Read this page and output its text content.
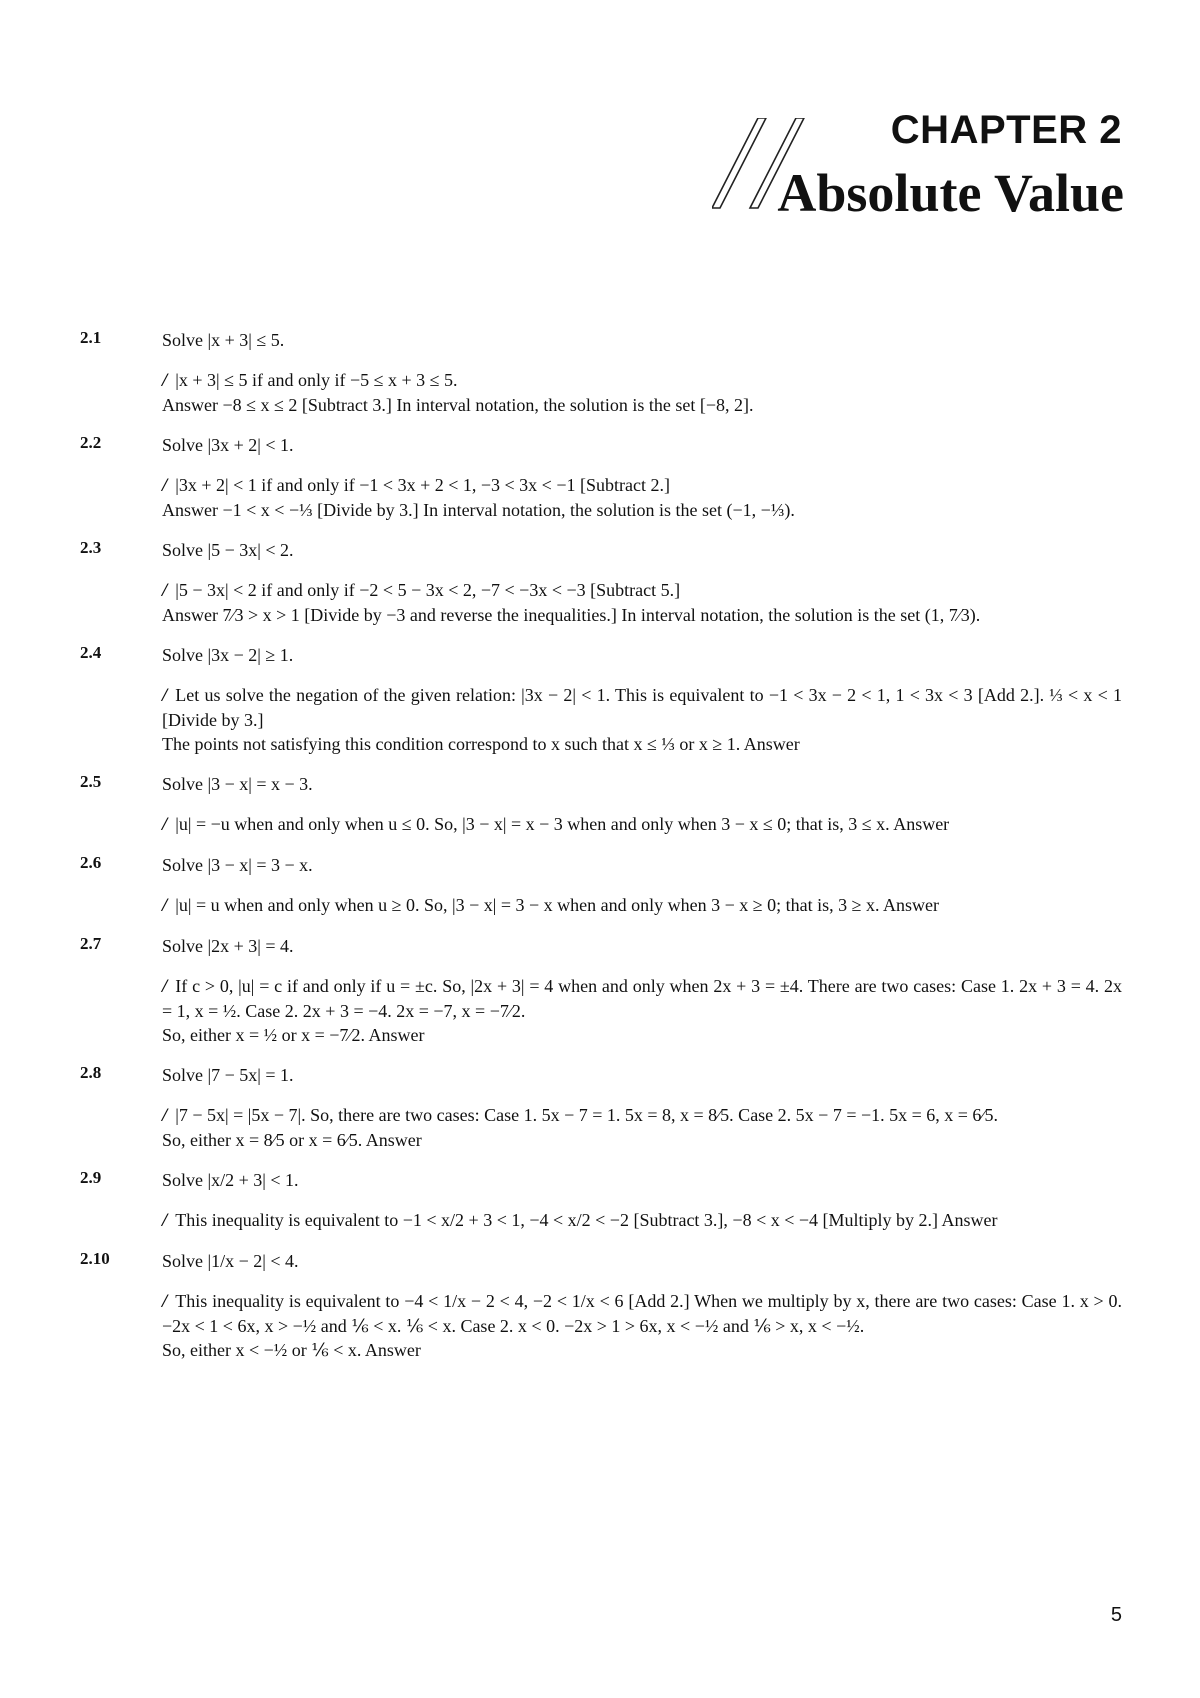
CHAPTER 2
Absolute Value
2.1	Solve |x + 3| ≤ 5.

/ |x + 3| ≤ 5 if and only if −5 ≤ x + 3 ≤ 5.

Answer −8 ≤ x ≤ 2 [Subtract 3.] In interval notation, the solution is the set [−8, 2].

2.2	Solve |3x + 2| < 1.

/ |3x + 2| < 1 if and only if −1 < 3x + 2 < 1, −3 < 3x < −1 [Subtract 2.]

Answer −1 < x < −⅓ [Divide by 3.] In interval notation, the solution is the set (−1, −⅓).

2.3	Solve |5 − 3x| < 2.

/ |5 − 3x| < 2 if and only if −2 < 5 − 3x < 2, −7 < −3x < −3 [Subtract 5.]

Answer 7⁄3 > x > 1 [Divide by −3 and reverse the inequalities.] In interval notation, the solution is the set (1, 7⁄3).

2.4	Solve |3x − 2| ≥ 1.

/ Let us solve the negation of the given relation: |3x − 2| < 1. This is equivalent to −1 < 3x − 2 < 1, 1 < 3x < 3 [Add 2.]. ⅓ < x < 1 [Divide by 3.]

The points not satisfying this condition correspond to x such that x ≤ ⅓ or x ≥ 1. Answer

2.5	Solve |3 − x| = x − 3.

/ |u| = −u when and only when u ≤ 0. So, |3 − x| = x − 3 when and only when 3 − x ≤ 0; that is, 3 ≤ x. Answer

2.6	Solve |3 − x| = 3 − x.

/ |u| = u when and only when u ≥ 0. So, |3 − x| = 3 − x when and only when 3 − x ≥ 0; that is, 3 ≥ x. Answer

2.7	Solve |2x + 3| = 4.

/ If c > 0, |u| = c if and only if u = ±c. So, |2x + 3| = 4 when and only when 2x + 3 = ±4. There are two cases: Case 1. 2x + 3 = 4. 2x = 1, x = ½. Case 2. 2x + 3 = −4. 2x = −7, x = −7⁄2.

So, either x = ½ or x = −7⁄2. Answer

2.8	Solve |7 − 5x| = 1.

/ |7 − 5x| = |5x − 7|. So, there are two cases: Case 1. 5x − 7 = 1. 5x = 8, x = 8⁄5. Case 2. 5x − 7 = −1. 5x = 6, x = 6⁄5.

So, either x = 8⁄5 or x = 6⁄5. Answer

2.9	Solve |x/2 + 3| < 1.

/ This inequality is equivalent to −1 < x/2 + 3 < 1, −4 < x/2 < −2 [Subtract 3.], −8 < x < −4 [Multiply by 2.] Answer

2.10	Solve |1/x − 2| < 4.

/ This inequality is equivalent to −4 < 1/x − 2 < 4, −2 < 1/x < 6 [Add 2.] When we multiply by x, there are two cases: Case 1. x > 0. −2x < 1 < 6x, x > −½ and ⅙ < x. ⅙ < x. Case 2. x < 0. −2x > 1 > 6x, x < −½ and ⅙ > x, x < −½.

So, either x < −½ or ⅙ < x. Answer

5
